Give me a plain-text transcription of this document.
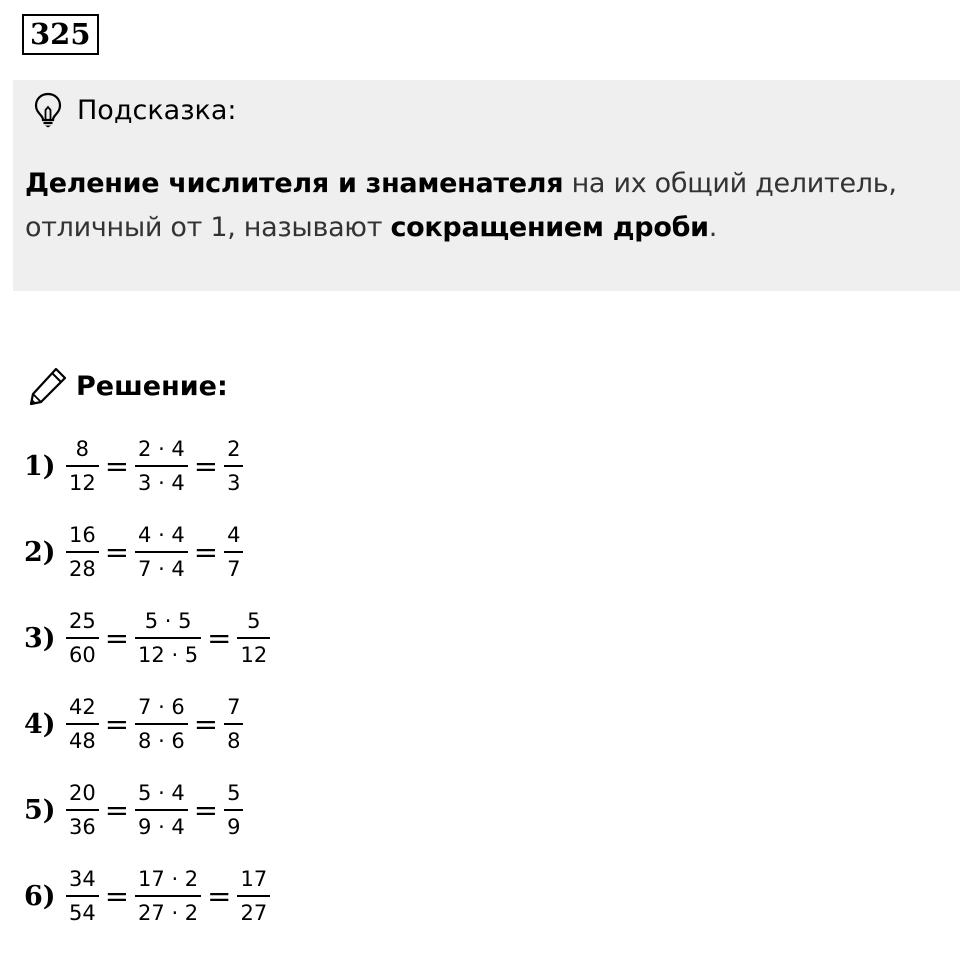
325
Подсказка:
Деление числителя и знаменателя на их общий делитель, отличный от 1, называют сокращением дроби.
Решение:
$1) \frac{8}{12} = \frac{2 \cdot 4}{3 \cdot 4} = \frac{2}{3}$
$2) \frac{16}{28} = \frac{4 \cdot 4}{7 \cdot 4} = \frac{4}{7}$
$3) \frac{25}{60} = \frac{5 \cdot 5}{12 \cdot 5} = \frac{5}{12}$
$4) \frac{42}{48} = \frac{7 \cdot 6}{8 \cdot 6} = \frac{7}{8}$
$5) \frac{20}{36} = \frac{5 \cdot 4}{9 \cdot 4} = \frac{5}{9}$
$6) \frac{34}{54} = \frac{17 \cdot 2}{27 \cdot 2} = \frac{17}{27}$
